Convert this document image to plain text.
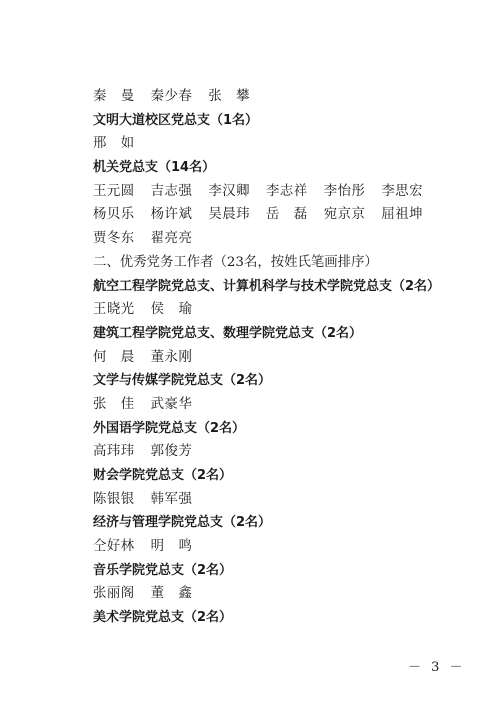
秦　曼 秦少春 张　攀
文明大道校区党总支（1名）
邢　如
机关党总支（14名）
王元圆 吉志强 李汉卿 李志祥 李怡彤 李思宏
杨贝乐 杨许斌 吴晨玮 岳　磊 宛京京 屈祖坤
贾冬东 翟亮亮
二、优秀党务工作者（23名，按姓氏笔画排序）
航空工程学院党总支、计算机科学与技术学院党总支（2名）
王晓光 侯　瑜
建筑工程学院党总支、数理学院党总支（2名）
何　晨 董永刚
文学与传媒学院党总支（2名）
张　佳 武豪华
外国语学院党总支（2名）
高玮玮 郭俊芳
财会学院党总支（2名）
陈银银 韩军强
经济与管理学院党总支（2名）
仝好林 明　鸣
音乐学院党总支（2名）
张丽阁 董　鑫
美术学院党总支（2名）
－ 3 －
